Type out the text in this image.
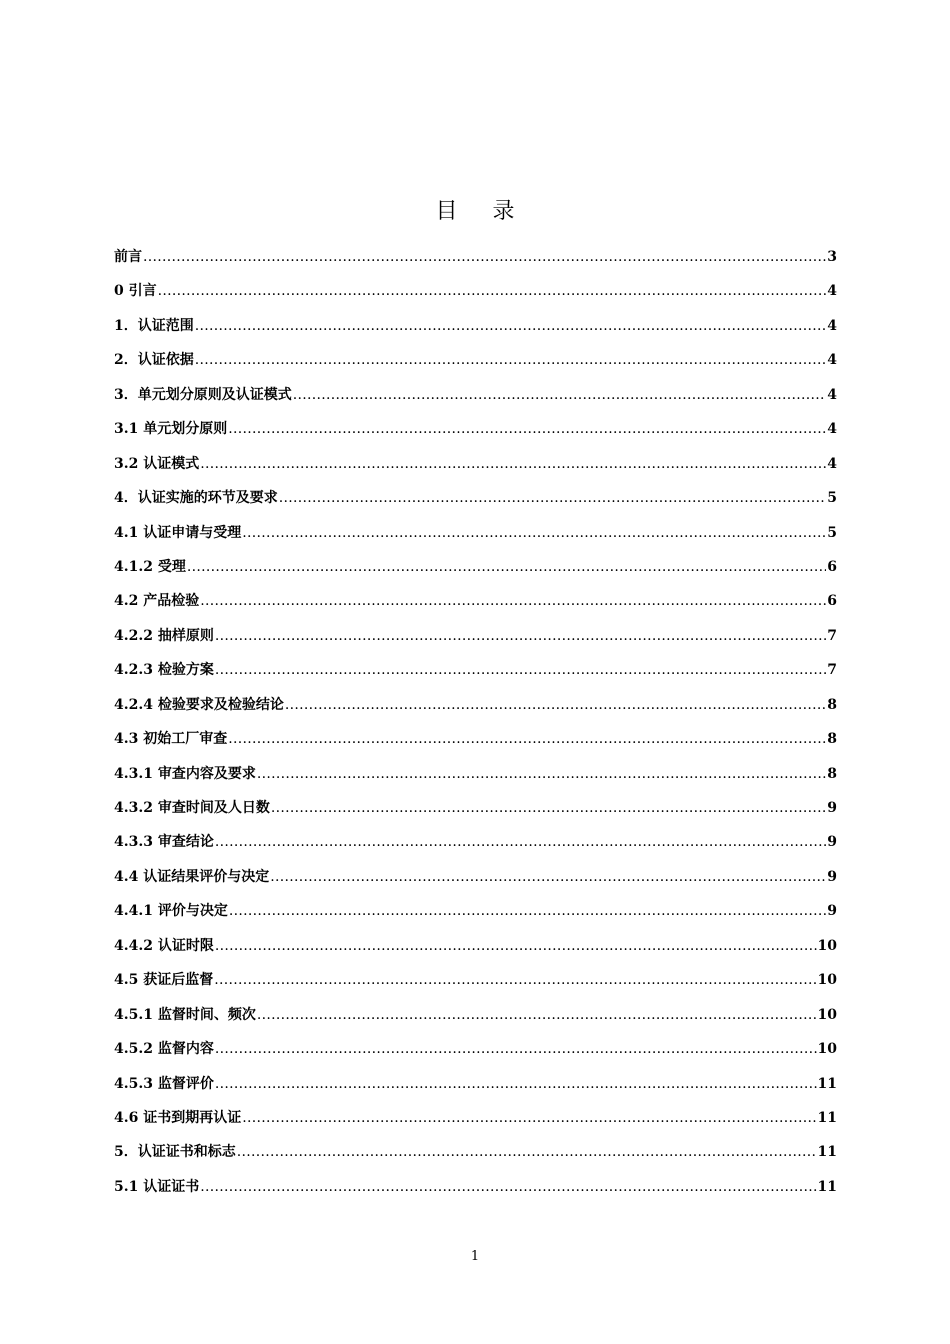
目 录
前言 .....	3
0 引言 .....	4
1．认证范围 .....	4
2．认证依据 .....	4
3．单元划分原则及认证模式 .....	4
3.1 单元划分原则 .....	4
3.2 认证模式 .....	4
4．认证实施的环节及要求 .....	5
4.1 认证申请与受理 .....	5
4.1.2 受理 .....	6
4.2 产品检验 .....	6
4.2.2 抽样原则 .....	7
4.2.3 检验方案 .....	7
4.2.4 检验要求及检验结论 .....	8
4.3 初始工厂审查 .....	8
4.3.1 审查内容及要求 .....	8
4.3.2 审查时间及人日数 .....	9
4.3.3 审查结论 .....	9
4.4 认证结果评价与决定 .....	9
4.4.1 评价与决定 .....	9
4.4.2 认证时限 .....	10
4.5 获证后监督 .....	10
4.5.1 监督时间、频次 .....	10
4.5.2 监督内容 .....	10
4.5.3 监督评价 .....	11
4.6 证书到期再认证 .....	11
5．认证证书和标志 .....	11
5.1 认证证书 .....	11
1
